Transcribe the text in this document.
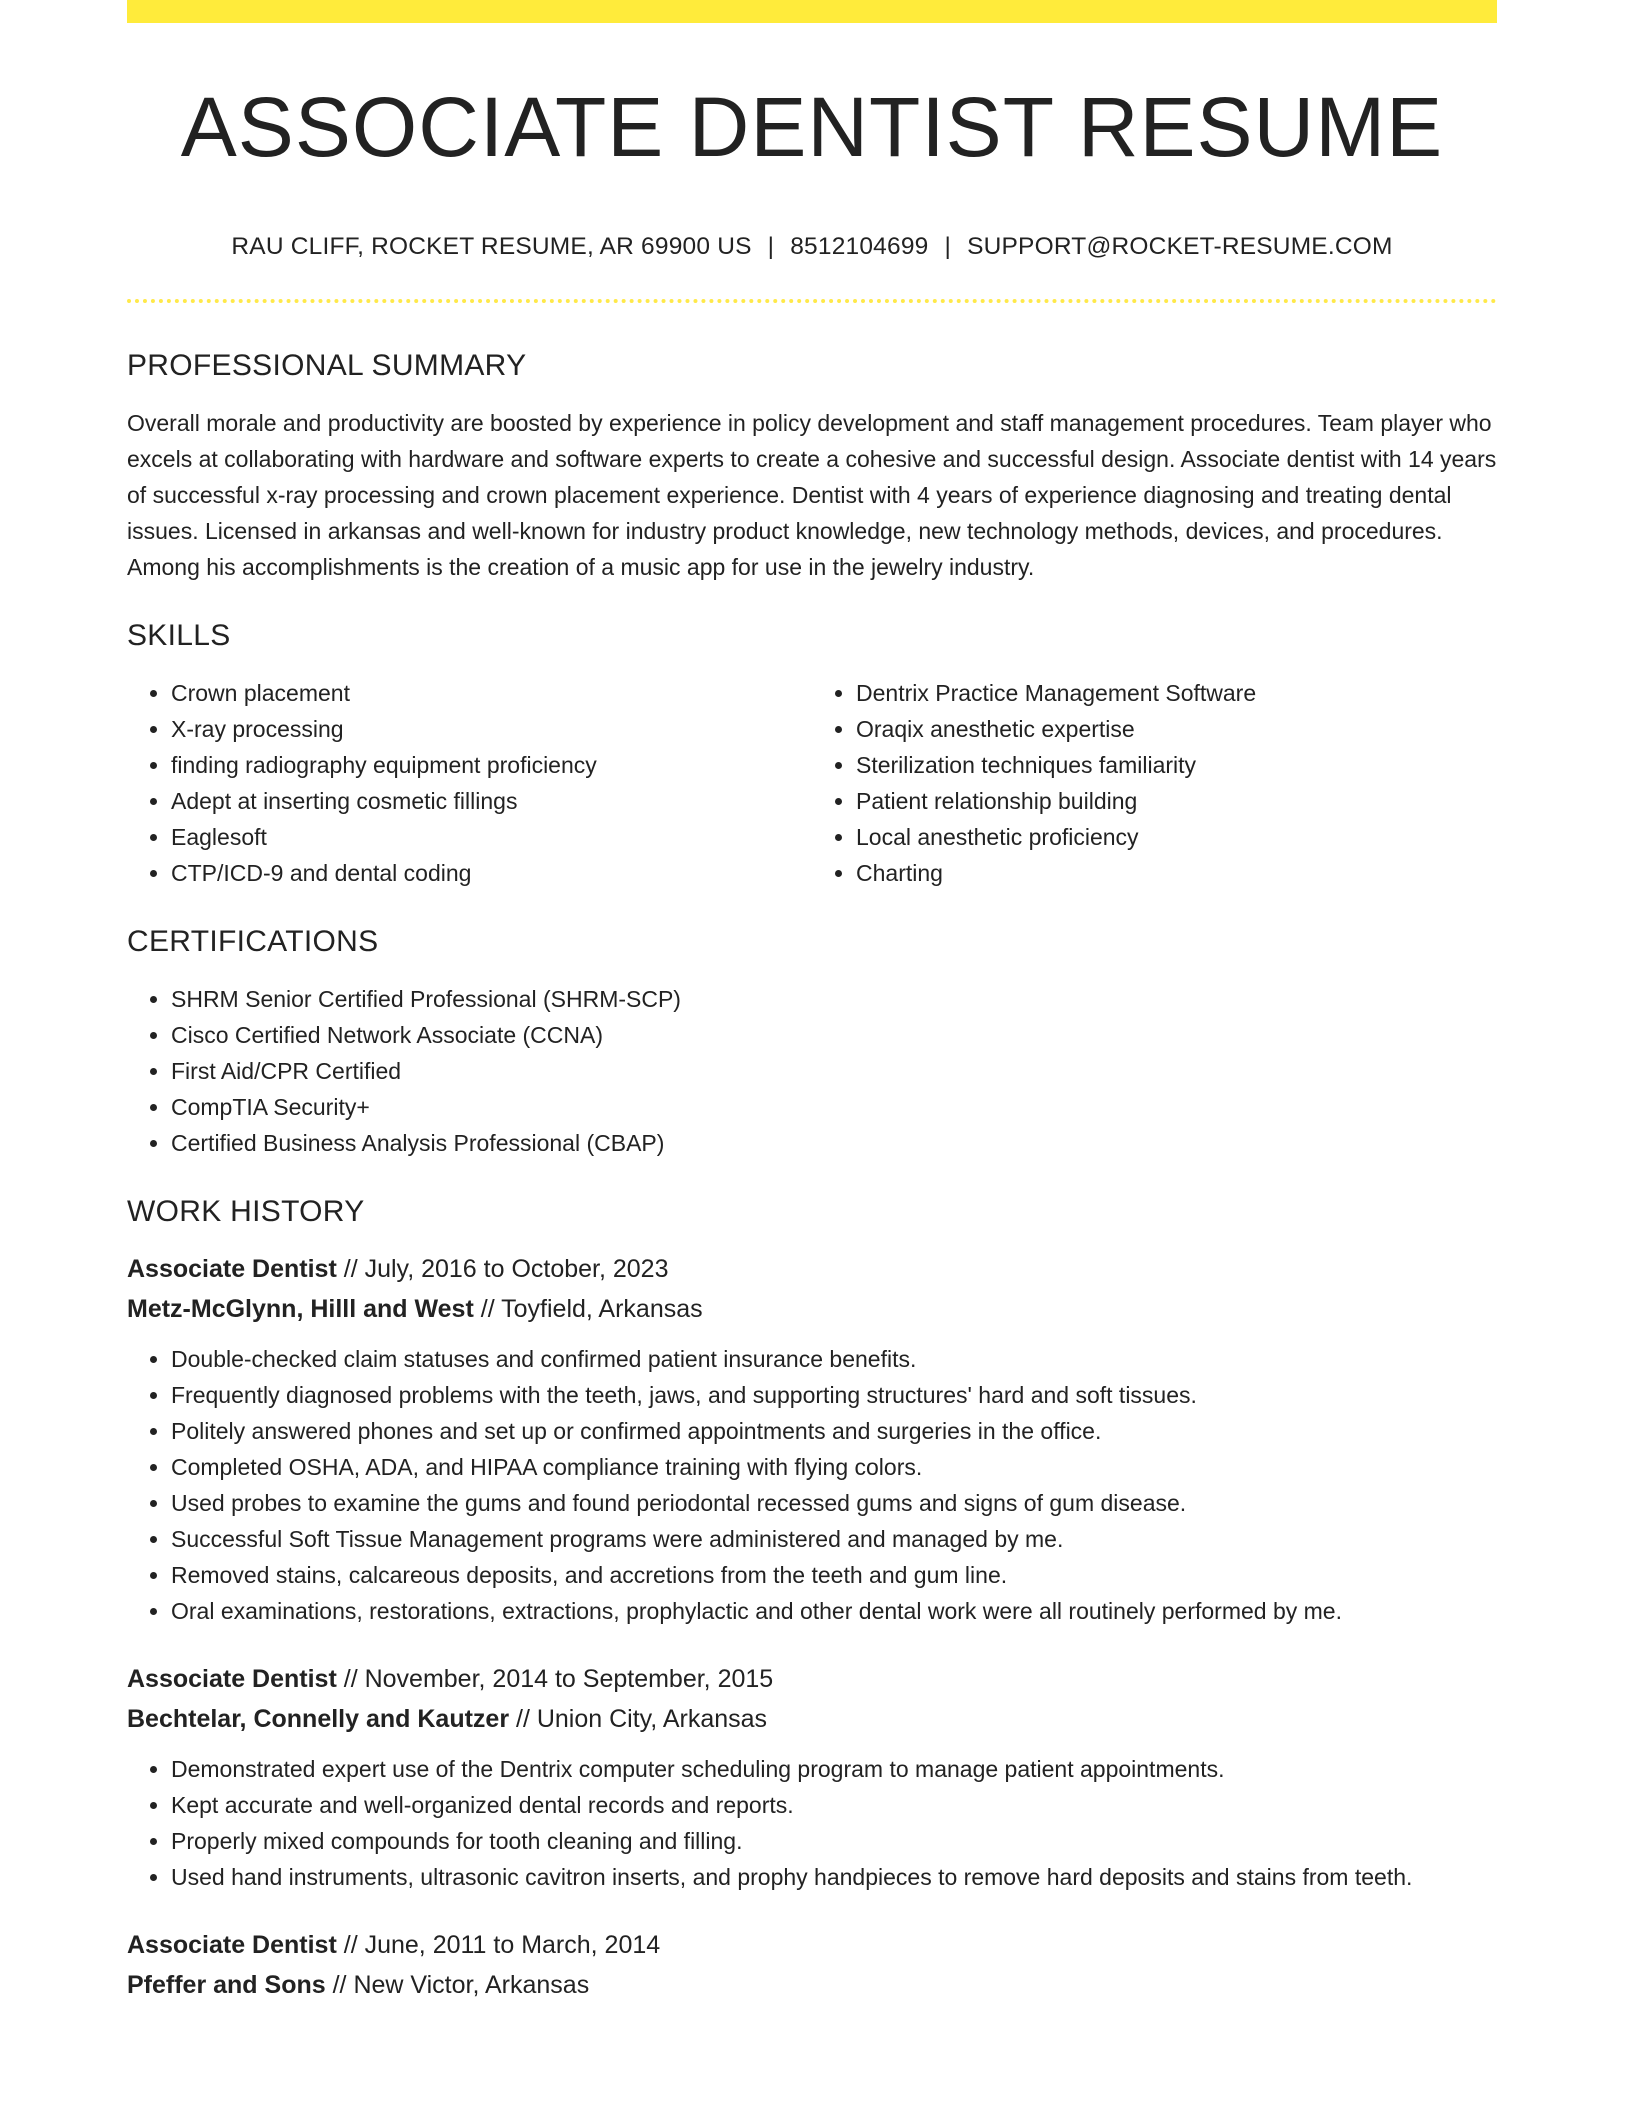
ASSOCIATE DENTIST RESUME
RAU CLIFF, ROCKET RESUME, AR 69900 US | 8512104699 | SUPPORT@ROCKET-RESUME.COM
PROFESSIONAL SUMMARY

Overall morale and productivity are boosted by experience in policy development and staff management procedures. Team player who excels at collaborating with hardware and software experts to create a cohesive and successful design. Associate dentist with 14 years of successful x-ray processing and crown placement experience. Dentist with 4 years of experience diagnosing and treating dental issues. Licensed in arkansas and well-known for industry product knowledge, new technology methods, devices, and procedures. Among his accomplishments is the creation of a music app for use in the jewelry industry.

SKILLS
• Crown placement
• X-ray processing
• finding radiography equipment proficiency
• Adept at inserting cosmetic fillings
• Eaglesoft
• CTP/ICD-9 and dental coding
• Dentrix Practice Management Software
• Oraqix anesthetic expertise
• Sterilization techniques familiarity
• Patient relationship building
• Local anesthetic proficiency
• Charting
CERTIFICATIONS
• SHRM Senior Certified Professional (SHRM-SCP)
• Cisco Certified Network Associate (CCNA)
• First Aid/CPR Certified
• CompTIA Security+
• Certified Business Analysis Professional (CBAP)
WORK HISTORY
Associate Dentist // July, 2016 to October, 2023
Metz-McGlynn, Hilll and West // Toyfield, Arkansas
• Double-checked claim statuses and confirmed patient insurance benefits.
• Frequently diagnosed problems with the teeth, jaws, and supporting structures' hard and soft tissues.
• Politely answered phones and set up or confirmed appointments and surgeries in the office.
• Completed OSHA, ADA, and HIPAA compliance training with flying colors.
• Used probes to examine the gums and found periodontal recessed gums and signs of gum disease.
• Successful Soft Tissue Management programs were administered and managed by me.
• Removed stains, calcareous deposits, and accretions from the teeth and gum line.
• Oral examinations, restorations, extractions, prophylactic and other dental work were all routinely performed by me.
Associate Dentist // November, 2014 to September, 2015
Bechtelar, Connelly and Kautzer // Union City, Arkansas
• Demonstrated expert use of the Dentrix computer scheduling program to manage patient appointments.
• Kept accurate and well-organized dental records and reports.
• Properly mixed compounds for tooth cleaning and filling.
• Used hand instruments, ultrasonic cavitron inserts, and prophy handpieces to remove hard deposits and stains from teeth.
Associate Dentist // June, 2011 to March, 2014
Pfeffer and Sons // New Victor, Arkansas
